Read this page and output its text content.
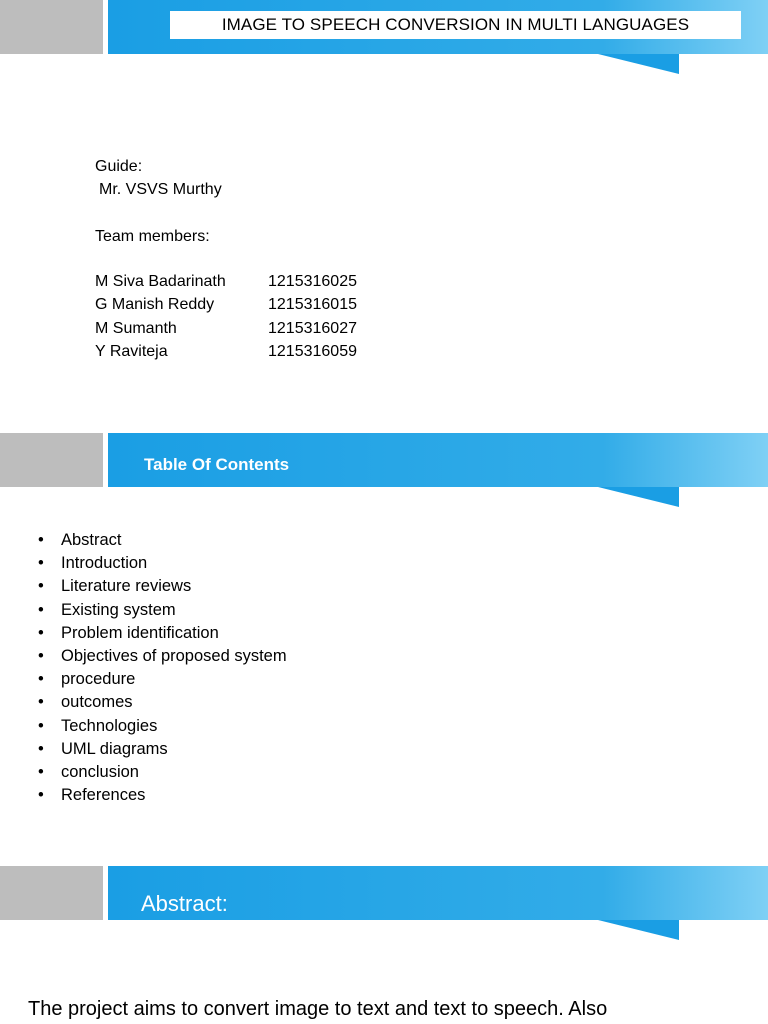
IMAGE TO SPEECH CONVERSION IN MULTI LANGUAGES
Guide:
Mr. VSVS Murthy
Team members:
M Siva Badarinath	1215316025
G Manish Reddy	1215316015
M Sumanth	1215316027
Y Raviteja	1215316059
Table Of Contents
• Abstract
• Introduction
• Literature reviews
• Existing system
• Problem identification
• Objectives of proposed system
• procedure
• outcomes
• Technologies
• UML diagrams
• conclusion
• References
Abstract:
The project aims to convert image to text and text to speech. Also
